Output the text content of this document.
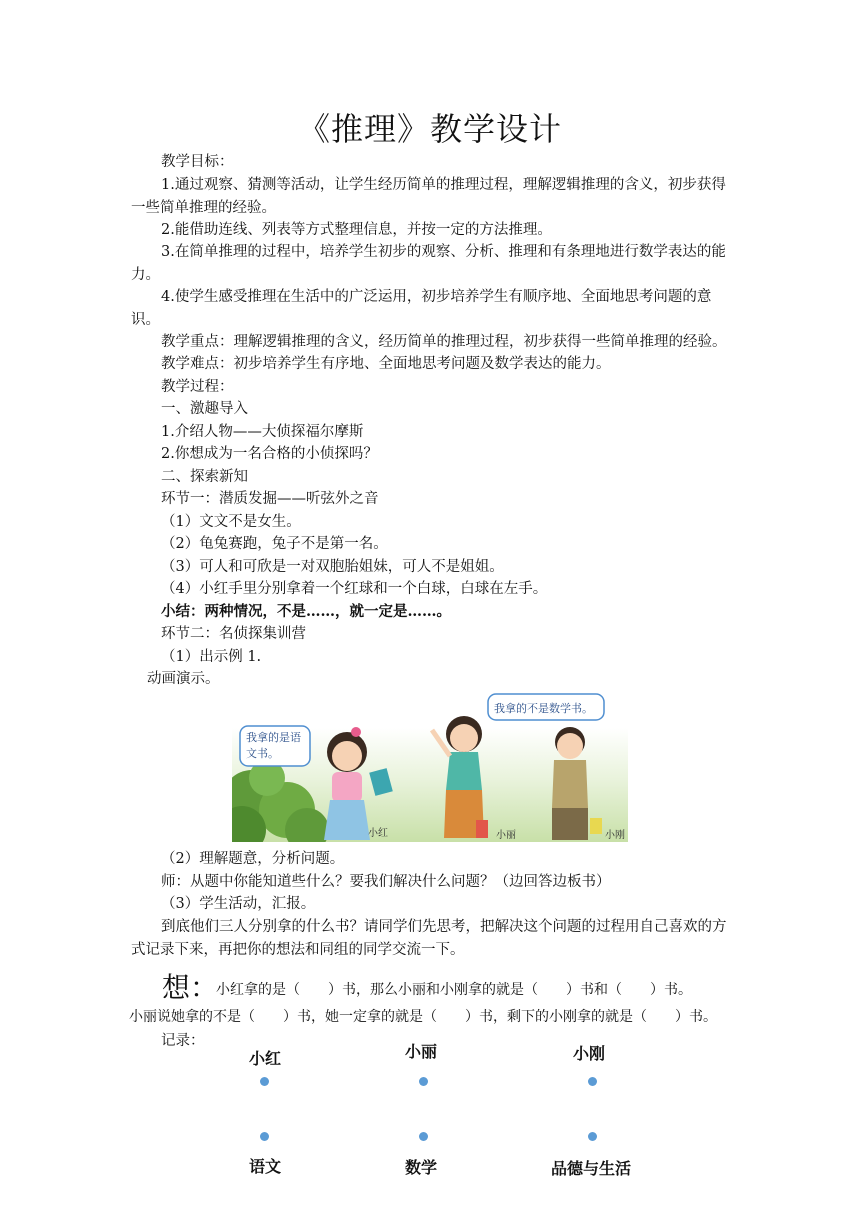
《推理》教学设计
教学目标：
1.通过观察、猜测等活动，让学生经历简单的推理过程，理解逻辑推理的含义，初步获得一些简单推理的经验。
2.能借助连线、列表等方式整理信息，并按一定的方法推理。
3.在简单推理的过程中，培养学生初步的观察、分析、推理和有条理地进行数学表达的能力。
4.使学生感受推理在生活中的广泛运用，初步培养学生有顺序地、全面地思考问题的意识。
教学重点：理解逻辑推理的含义，经历简单的推理过程，初步获得一些简单推理的经验。
教学难点：初步培养学生有序地、全面地思考问题及数学表达的能力。
教学过程：
一、激趣导入
1.介绍人物——大侦探福尔摩斯
2.你想成为一名合格的小侦探吗？
二、探索新知
环节一：潜质发掘——听弦外之音
（1）文文不是女生。
（2）龟兔赛跑，兔子不是第一名。
（3）可人和可欣是一对双胞胎姐妹，可人不是姐姐。
（4）小红手里分别拿着一个红球和一个白球，白球在左手。
小结：两种情况，不是……，就一定是……。
环节二：名侦探集训营
（1）出示例 1.
动画演示。
我拿的是语文书。
我拿的不是数学书。
小红	小丽	小刚
（2）理解题意，分析问题。
师：从题中你能知道些什么？要我们解决什么问题？（边回答边板书）
（3）学生活动，汇报。
到底他们三人分别拿的什么书？请同学们先思考，把解决这个问题的过程用自己喜欢的方式记录下来，再把你的想法和同组的同学交流一下。
想：
小红拿的是（　　）书，那么小丽和小刚拿的就是（　　）书和（　　）书。
小丽说她拿的不是（　　）书，她一定拿的就是（　　）书，剩下的小刚拿的就是（　　）书。
记录：
小红	小丽	小刚
语文	数学	品德与生活
